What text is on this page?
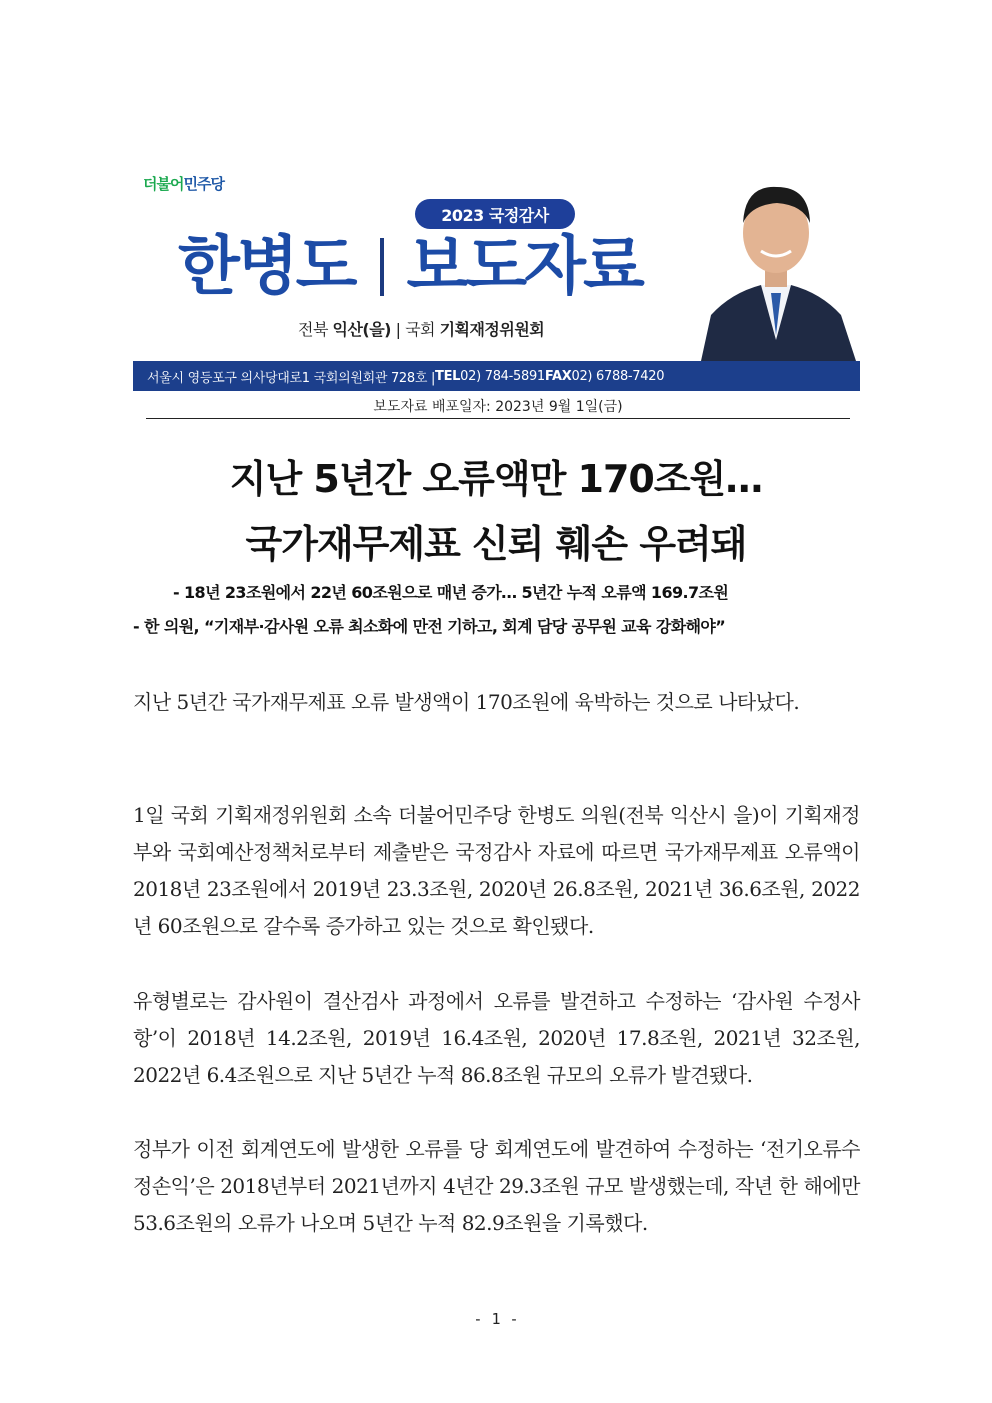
더불어민주당
2023 국정감사
한병도 보도자료
전북 익산(을) | 국회 기획재정위원회
서울시 영등포구 의사당대로1 국회의원회관 728호 | TEL 02) 784-5891 FAX 02) 6788-7420
보도자료 배포일자: 2023년 9월 1일(금)
지난 5년간 오류액만 170조원…
국가재무제표 신뢰 훼손 우려돼
- 18년 23조원에서 22년 60조원으로 매년 증가… 5년간 누적 오류액 169.7조원
- 한 의원, “기재부·감사원 오류 최소화에 만전 기하고, 회계 담당 공무원 교육 강화해야”
지난 5년간 국가재무제표 오류 발생액이 170조원에 육박하는 것으로 나타났다.
1일 국회 기획재정위원회 소속 더불어민주당 한병도 의원(전북 익산시 을)이 기획재정부와 국회예산정책처로부터 제출받은 국정감사 자료에 따르면 국가재무제표 오류액이 2018년 23조원에서 2019년 23.3조원, 2020년 26.8조원, 2021년 36.6조원, 2022년 60조원으로 갈수록 증가하고 있는 것으로 확인됐다.
유형별로는 감사원이 결산검사 과정에서 오류를 발견하고 수정하는 ‘감사원 수정사항’이 2018년 14.2조원, 2019년 16.4조원, 2020년 17.8조원, 2021년 32조원, 2022년 6.4조원으로 지난 5년간 누적 86.8조원 규모의 오류가 발견됐다.
정부가 이전 회계연도에 발생한 오류를 당 회계연도에 발견하여 수정하는 ‘전기오류수정손익’은 2018년부터 2021년까지 4년간 29.3조원 규모 발생했는데, 작년 한 해에만 53.6조원의 오류가 나오며 5년간 누적 82.9조원을 기록했다.
- 1 -
